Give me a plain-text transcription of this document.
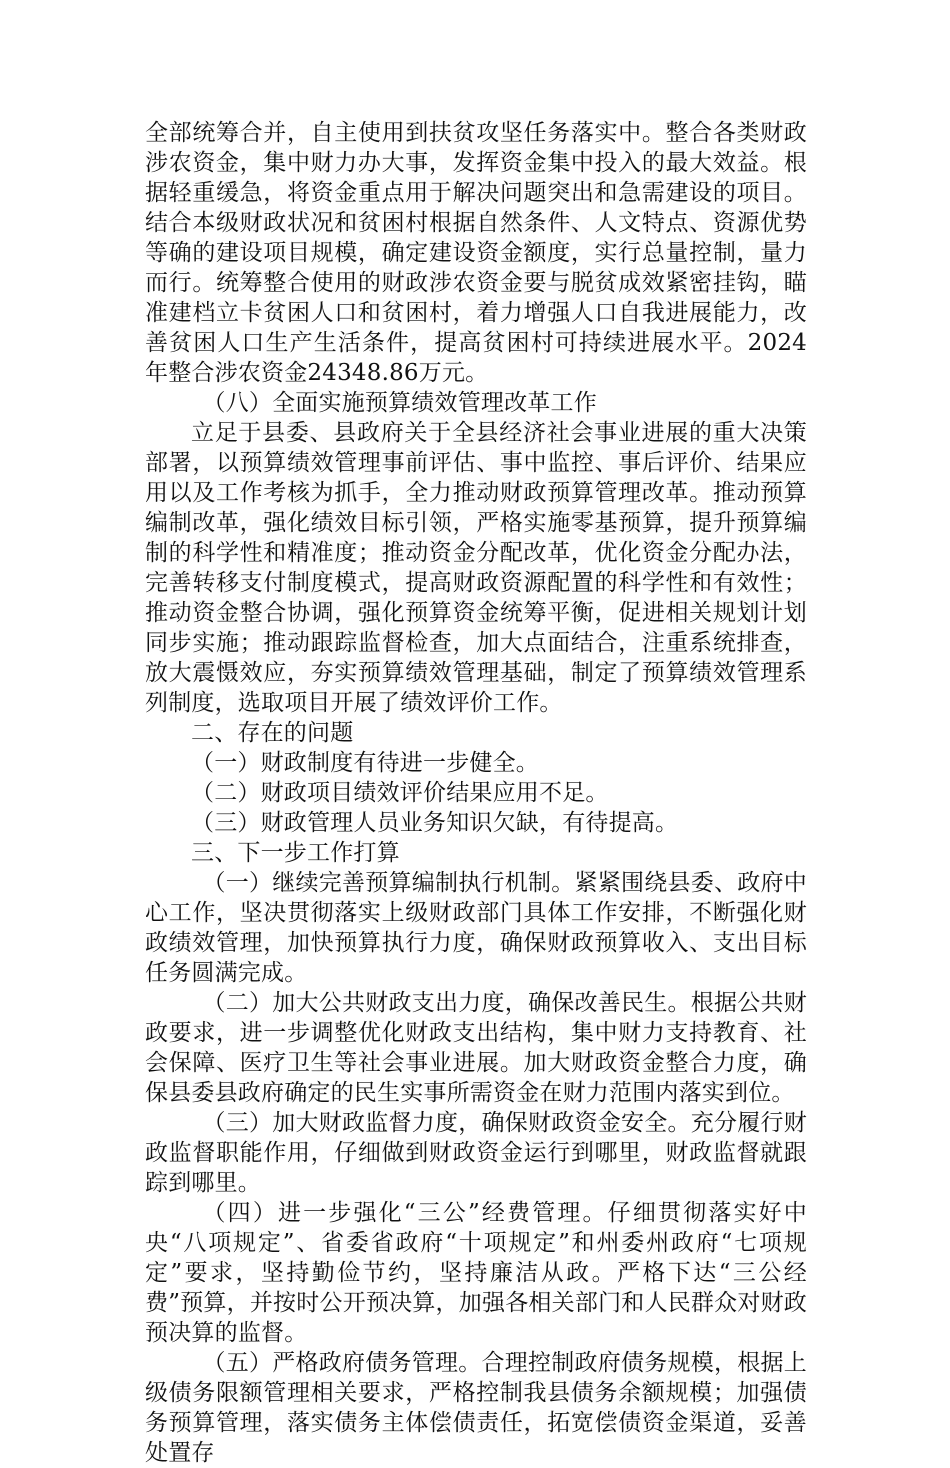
全部统筹合并，自主使用到扶贫攻坚任务落实中。整合各类财政涉农资金，集中财力办大事，发挥资金集中投入的最大效益。根据轻重缓急，将资金重点用于解决问题突出和急需建设的项目。结合本级财政状况和贫困村根据自然条件、人文特点、资源优势等确的建设项目规模，确定建设资金额度，实行总量控制，量力而行。统筹整合使用的财政涉农资金要与脱贫成效紧密挂钩，瞄准建档立卡贫困人口和贫困村，着力增强人口自我进展能力，改善贫困人口生产生活条件，提高贫困村可持续进展水平。2024年整合涉农资金24348.86万元。

（八）全面实施预算绩效管理改革工作

立足于县委、县政府关于全县经济社会事业进展的重大决策部署，以预算绩效管理事前评估、事中监控、事后评价、结果应用以及工作考核为抓手，全力推动财政预算管理改革。推动预算编制改革，强化绩效目标引领，严格实施零基预算，提升预算编制的科学性和精准度；推动资金分配改革，优化资金分配办法，完善转移支付制度模式，提高财政资源配置的科学性和有效性；推动资金整合协调，强化预算资金统筹平衡，促进相关规划计划同步实施；推动跟踪监督检查，加大点面结合，注重系统排查，放大震慑效应，夯实预算绩效管理基础，制定了预算绩效管理系列制度，选取项目开展了绩效评价工作。

二、存在的问题

（一）财政制度有待进一步健全。

（二）财政项目绩效评价结果应用不足。

（三）财政管理人员业务知识欠缺，有待提高。

三、下一步工作打算

（一）继续完善预算编制执行机制。紧紧围绕县委、政府中心工作，坚决贯彻落实上级财政部门具体工作安排，不断强化财政绩效管理，加快预算执行力度，确保财政预算收入、支出目标任务圆满完成。

（二）加大公共财政支出力度，确保改善民生。根据公共财政要求，进一步调整优化财政支出结构，集中财力支持教育、社会保障、医疗卫生等社会事业进展。加大财政资金整合力度，确保县委县政府确定的民生实事所需资金在财力范围内落实到位。

（三）加大财政监督力度，确保财政资金安全。充分履行财政监督职能作用，仔细做到财政资金运行到哪里，财政监督就跟踪到哪里。

（四）进一步强化“三公”经费管理。仔细贯彻落实好中央“八项规定”、省委省政府“十项规定”和州委州政府“七项规定”要求，坚持勤俭节约，坚持廉洁从政。严格下达“三公经费”预算，并按时公开预决算，加强各相关部门和人民群众对财政预决算的监督。

（五）严格政府债务管理。合理控制政府债务规模，根据上级债务限额管理相关要求，严格控制我县债务余额规模；加强债务预算管理，落实债务主体偿债责任，拓宽偿债资金渠道，妥善处置存
